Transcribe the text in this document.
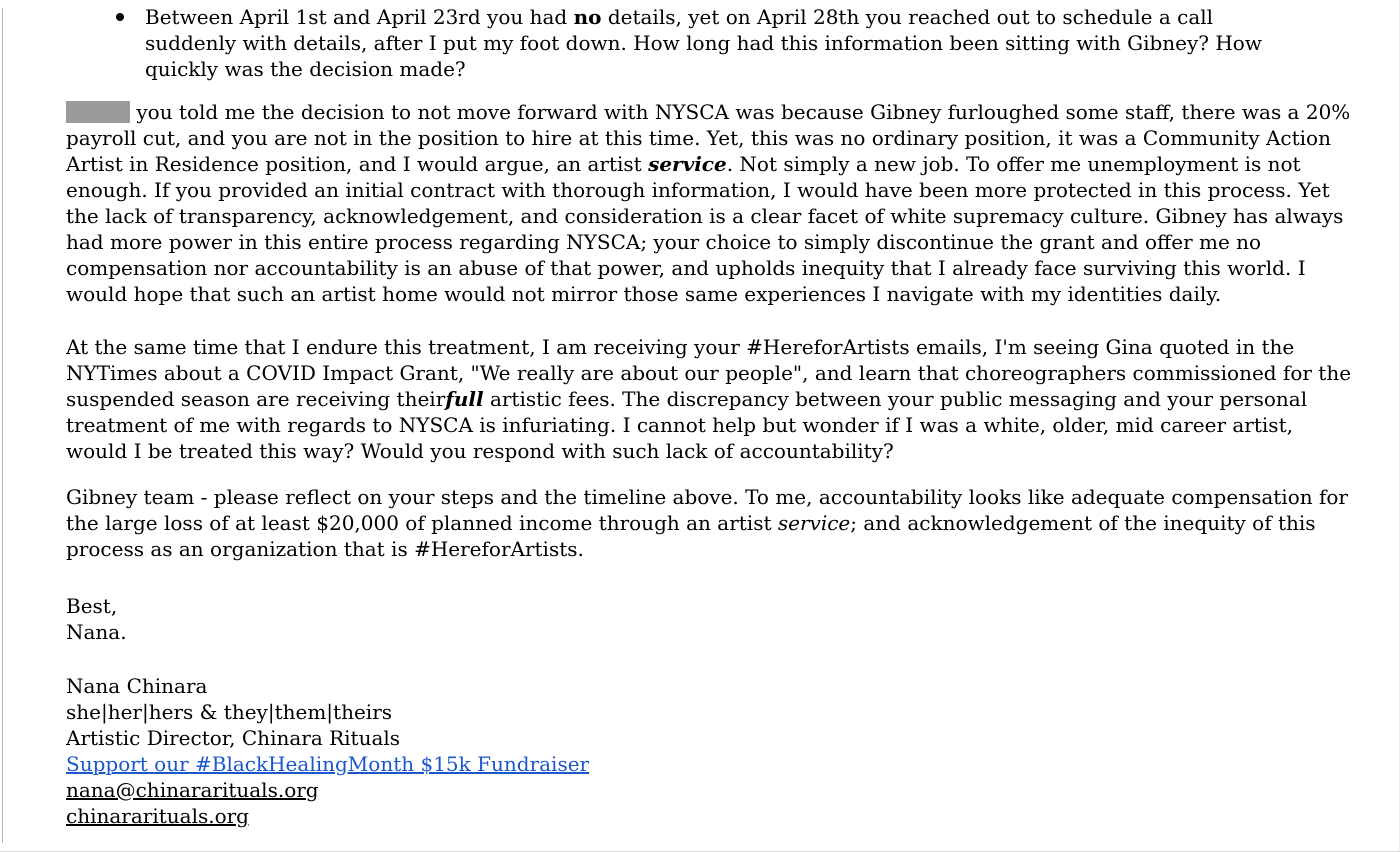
Between April 1st and April 23rd you had no details, yet on April 28th you reached out to schedule a call suddenly with details, after I put my foot down. How long had this information been sitting with Gibney? How quickly was the decision made?

you told me the decision to not move forward with NYSCA was because Gibney furloughed some staff, there was a 20% payroll cut, and you are not in the position to hire at this time. Yet, this was no ordinary position, it was a Community Action Artist in Residence position, and I would argue, an artist service. Not simply a new job. To offer me unemployment is not enough. If you provided an initial contract with thorough information, I would have been more protected in this process. Yet the lack of transparency, acknowledgement, and consideration is a clear facet of white supremacy culture. Gibney has always had more power in this entire process regarding NYSCA; your choice to simply discontinue the grant and offer me no compensation nor accountability is an abuse of that power, and upholds inequity that I already face surviving this world. I would hope that such an artist home would not mirror those same experiences I navigate with my identities daily.

At the same time that I endure this treatment, I am receiving your #HereforArtists emails, I'm seeing Gina quoted in the NYTimes about a COVID Impact Grant, "We really are about our people", and learn that choreographers commissioned for the suspended season are receiving theirfull artistic fees. The discrepancy between your public messaging and your personal treatment of me with regards to NYSCA is infuriating. I cannot help but wonder if I was a white, older, mid career artist, would I be treated this way? Would you respond with such lack of accountability?

Gibney team - please reflect on your steps and the timeline above. To me, accountability looks like adequate compensation for the large loss of at least $20,000 of planned income through an artist service; and acknowledgement of the inequity of this process as an organization that is #HereforArtists.

Best,
Nana.
Nana Chinara
she|her|hers & they|them|theirs
Artistic Director, Chinara Rituals
Support our #BlackHealingMonth $15k Fundraiser
nana@chinararituals.org
chinararituals.org
